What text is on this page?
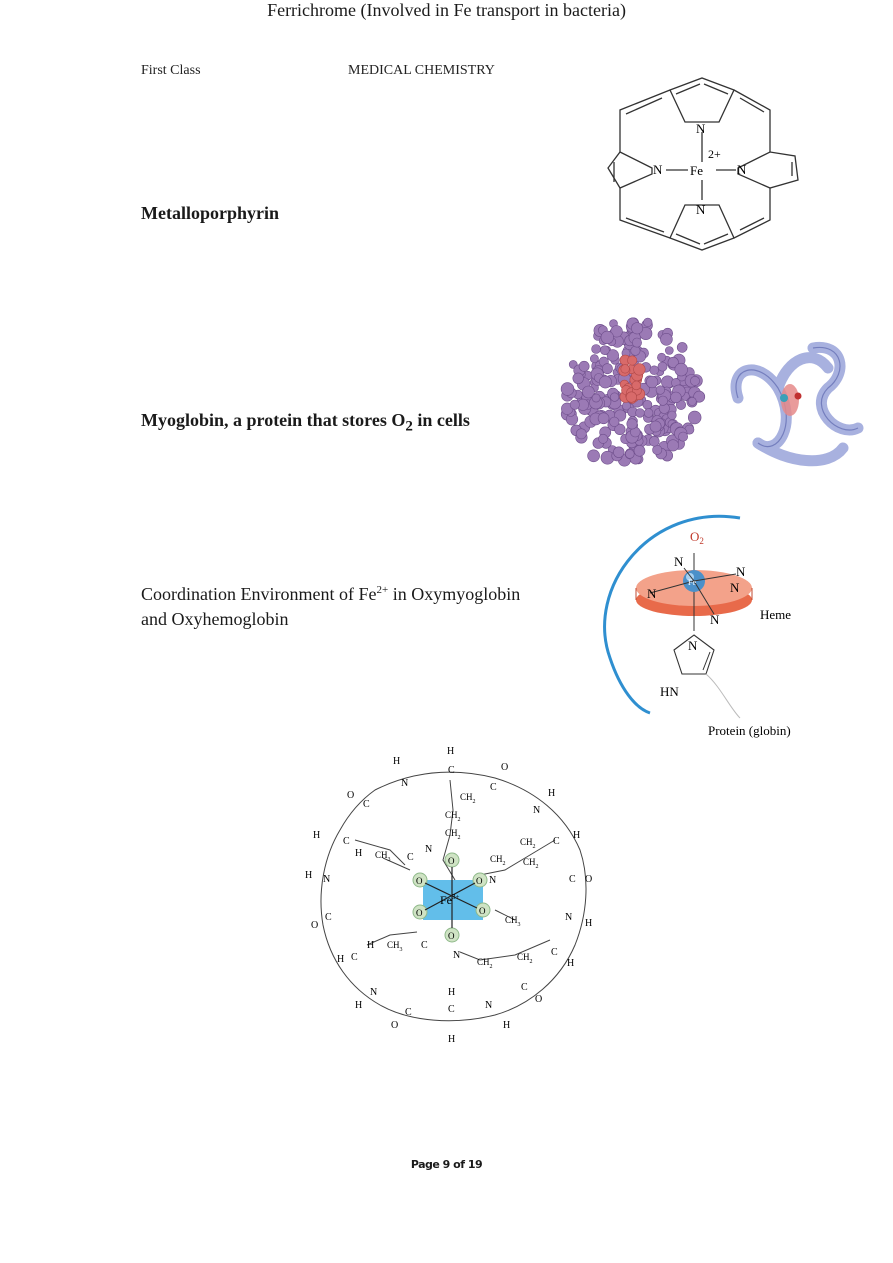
First Class	MEDICAL CHEMISTRY
Metalloporphyrin
N
N
N	N
Fe
2+
Myoglobin, a protein that stores $O_2$ in cells
Coordination Environment of $Fe^{2+}$ in Oxymyoglobin
and Oxyhemoglobin
$O_2$
N
N
N
N
N
Fe
Heme
N
HN
Protein (globin)
$Fe^{3+}$
H
C
H
N
O
C
O
C
H
N
$CH_2$
$CH_2$
$CH_2$
H
C
H
H
C
$CH_3$ C
N
O
$CH_2$
$CH_2$
$CH_2$
H N	N
O
O	C O
O	O
$CH_3$
O
C	N
H
O
$CH_3$ C
N
$CH_2$
$CH_2$
C
H
H
H C
C
O
N
H
H
C
H
N
H
C
O
Ferrichrome (Involved in Fe transport in bacteria)
Page 9 of 19
